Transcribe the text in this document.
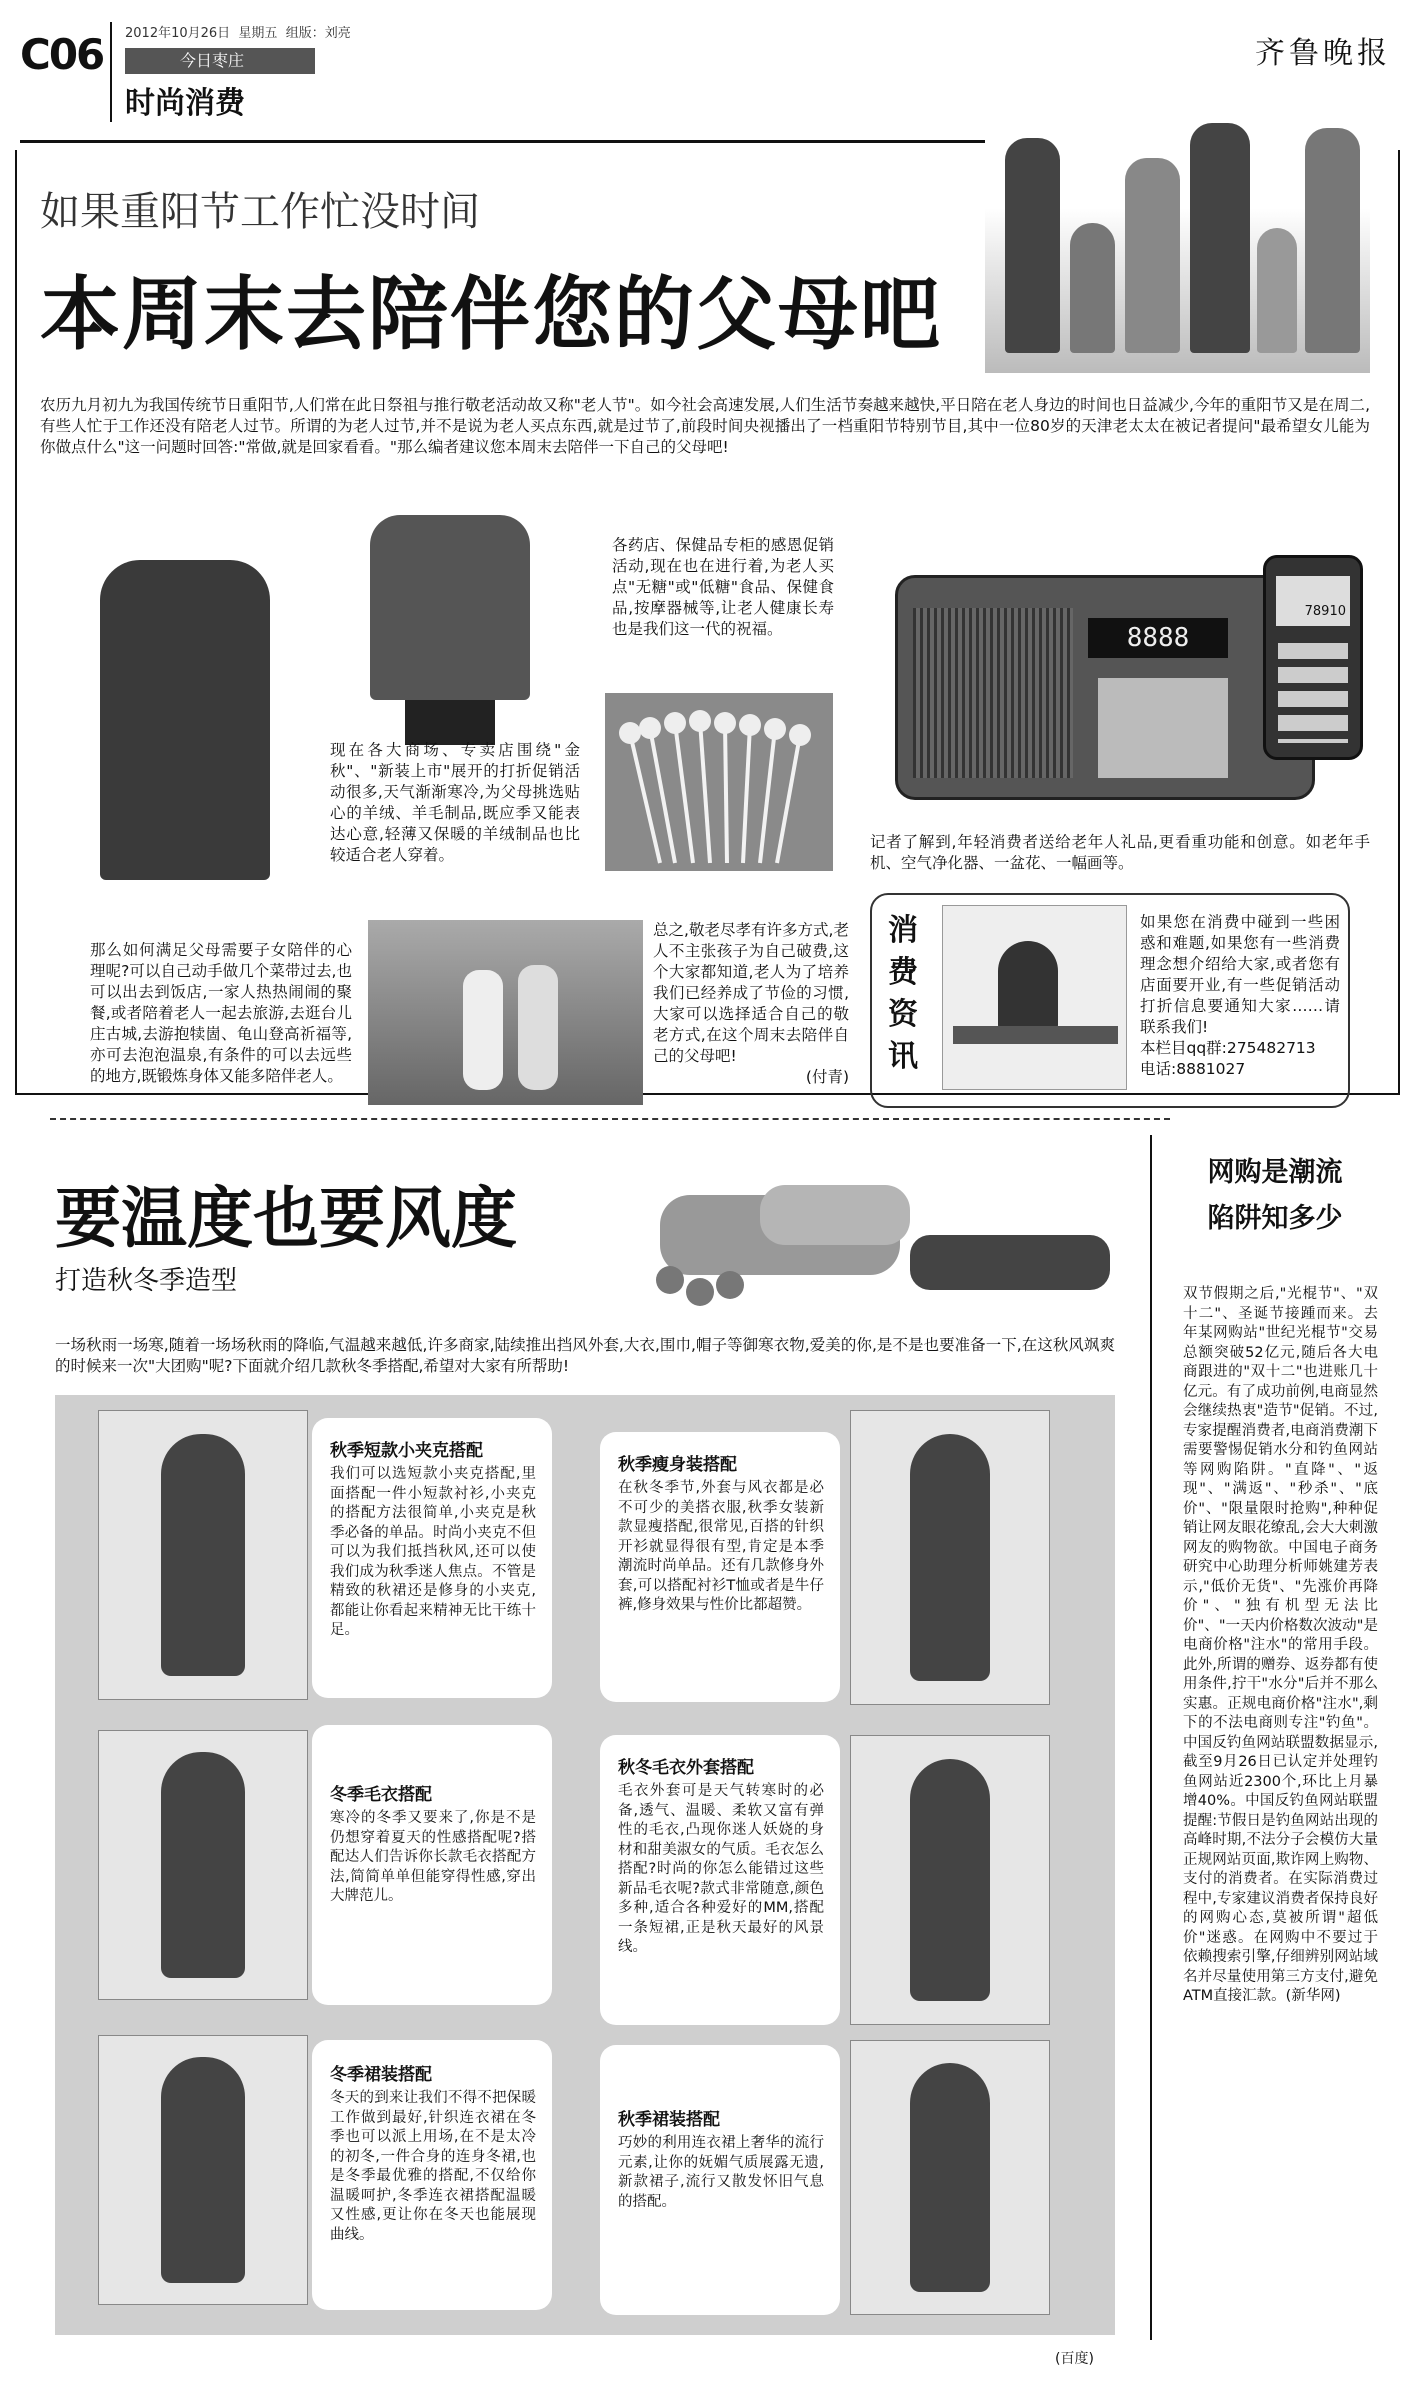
C06 2012年10月26日  星期五  组版：刘亮
今日枣庄
时尚消费
齐鲁晚报
如果重阳节工作忙没时间
本周末去陪伴您的父母吧
农历九月初九为我国传统节日重阳节,人们常在此日祭祖与推行敬老活动故又称"老人节"。如今社会高速发展,人们生活节奏越来越快,平日陪在老人身边的时间也日益减少,今年的重阳节又是在周二,有些人忙于工作还没有陪老人过节。所谓的为老人过节,并不是说为老人买点东西,就是过节了,前段时间央视播出了一档重阳节特别节目,其中一位80岁的天津老太太在被记者提问"最希望女儿能为你做点什么"这一问题时回答:"常做,就是回家看看。"那么编者建议您本周末去陪伴一下自己的父母吧!
现在各大商场、专卖店围绕"金秋"、"新装上市"展开的打折促销活动很多,天气渐渐寒冷,为父母挑选贴心的羊绒、羊毛制品,既应季又能表达心意,轻薄又保暖的羊绒制品也比较适合老人穿着。
各药店、保健品专柜的感恩促销活动,现在也在进行着,为老人买点"无糖"或"低糖"食品、保健食品,按摩器械等,让老人健康长寿也是我们这一代的祝福。	8888
78910
记者了解到,年轻消费者送给老年人礼品,更看重功能和创意。如老年手机、空气净化器、一盆花、一幅画等。
那么如何满足父母需要子女陪伴的心理呢?可以自己动手做几个菜带过去,也可以出去到饭店,一家人热热闹闹的聚餐,或者陪着老人一起去旅游,去逛台儿庄古城,去游抱犊崮、龟山登高祈福等,亦可去泡泡温泉,有条件的可以去远些的地方,既锻炼身体又能多陪伴老人。
总之,敬老尽孝有许多方式,老人不主张孩子为自己破费,这个大家都知道,老人为了培养我们已经养成了节俭的习惯,大家可以选择适合自己的敬老方式,在这个周末去陪伴自己的父母吧!
(付青)
消费资讯
如果您在消费中碰到一些困惑和难题,如果您有一些消费理念想介绍给大家,或者您有店面要开业,有一些促销活动打折信息要通知大家……请联系我们!
本栏目qq群:275482713
电话:8881027
要温度也要风度
打造秋冬季造型
一场秋雨一场寒,随着一场场秋雨的降临,气温越来越低,许多商家,陆续推出挡风外套,大衣,围巾,帽子等御寒衣物,爱美的你,是不是也要准备一下,在这秋风飒爽的时候来一次"大团购"呢?下面就介绍几款秋冬季搭配,希望对大家有所帮助!
秋季短款小夹克搭配
我们可以选短款小夹克搭配,里面搭配一件小短款衬衫,小夹克的搭配方法很简单,小夹克是秋季必备的单品。时尚小夹克不但可以为我们抵挡秋风,还可以使我们成为秋季迷人焦点。不管是精致的秋裙还是修身的小夹克,都能让你看起来精神无比干练十足。
秋季瘦身装搭配
在秋冬季节,外套与风衣都是必不可少的美搭衣服,秋季女装新款显瘦搭配,很常见,百搭的针织开衫就显得很有型,肯定是本季潮流时尚单品。还有几款修身外套,可以搭配衬衫T恤或者是牛仔裤,修身效果与性价比都超赞。
冬季毛衣搭配
寒冷的冬季又要来了,你是不是仍想穿着夏天的性感搭配呢?搭配达人们告诉你长款毛衣搭配方法,简简单单但能穿得性感,穿出大牌范儿。
秋冬毛衣外套搭配
毛衣外套可是天气转寒时的必备,透气、温暖、柔软又富有弹性的毛衣,凸现你迷人妖娆的身材和甜美淑女的气质。毛衣怎么搭配?时尚的你怎么能错过这些新品毛衣呢?款式非常随意,颜色多种,适合各种爱好的MM,搭配一条短裙,正是秋天最好的风景线。
冬季裙装搭配
冬天的到来让我们不得不把保暖工作做到最好,针织连衣裙在冬季也可以派上用场,在不是太冷的初冬,一件合身的连身冬裙,也是冬季最优雅的搭配,不仅给你温暖呵护,冬季连衣裙搭配温暖又性感,更让你在冬天也能展现曲线。
秋季裙装搭配
巧妙的利用连衣裙上奢华的流行元素,让你的妩媚气质展露无遗,新款裙子,流行又散发怀旧气息的搭配。
(百度)
网购是潮流
陷阱知多少
双节假期之后,"光棍节"、"双十二"、圣诞节接踵而来。去年某网购站"世纪光棍节"交易总额突破52亿元,随后各大电商跟进的"双十二"也进账几十亿元。有了成功前例,电商显然会继续热衷"造节"促销。不过,专家提醒消费者,电商消费潮下需要警惕促销水分和钓鱼网站等网购陷阱。"直降"、"返现"、"满返"、"秒杀"、"底价"、"限量限时抢购",种种促销让网友眼花缭乱,会大大刺激网友的购物欲。中国电子商务研究中心助理分析师姚建芳表示,"低价无货"、"先涨价再降价"、"独有机型无法比价"、"一天内价格数次波动"是电商价格"注水"的常用手段。此外,所谓的赠券、返券都有使用条件,拧干"水分"后并不那么实惠。正规电商价格"注水",剩下的不法电商则专注"钓鱼"。中国反钓鱼网站联盟数据显示,截至9月26日已认定并处理钓鱼网站近2300个,环比上月暴增40%。中国反钓鱼网站联盟提醒:节假日是钓鱼网站出现的高峰时期,不法分子会模仿大量正规网站页面,欺诈网上购物、支付的消费者。在实际消费过程中,专家建议消费者保持良好的网购心态,莫被所谓"超低价"迷惑。在网购中不要过于依赖搜索引擎,仔细辨别网站域名并尽量使用第三方支付,避免ATM直接汇款。(新华网)
